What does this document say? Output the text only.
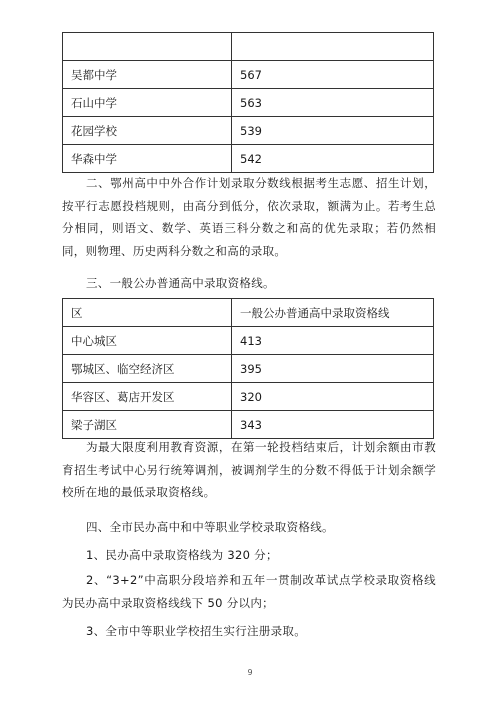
吴都中学	567
石山中学	563
花园学校	539
华森中学	542

二、鄂州高中中外合作计划录取分数线根据考生志愿、招生计划，按平行志愿投档规则，由高分到低分，依次录取，额满为止。若考生总分相同，则语文、数学、英语三科分数之和高的优先录取；若仍然相同，则物理、历史两科分数之和高的录取。

三、一般公办普通高中录取资格线。

区	一般公办普通高中录取资格线
中心城区	413
鄂城区、临空经济区	395
华容区、葛店开发区	320
梁子湖区	343

为最大限度利用教育资源，在第一轮投档结束后，计划余额由市教育招生考试中心另行统筹调剂，被调剂学生的分数不得低于计划余额学校所在地的最低录取资格线。

四、全市民办高中和中等职业学校录取资格线。

1、民办高中录取资格线为 320 分；

2、“3+2”中高职分段培养和五年一贯制改革试点学校录取资格线为民办高中录取资格线线下 50 分以内；

3、全市中等职业学校招生实行注册录取。

9
